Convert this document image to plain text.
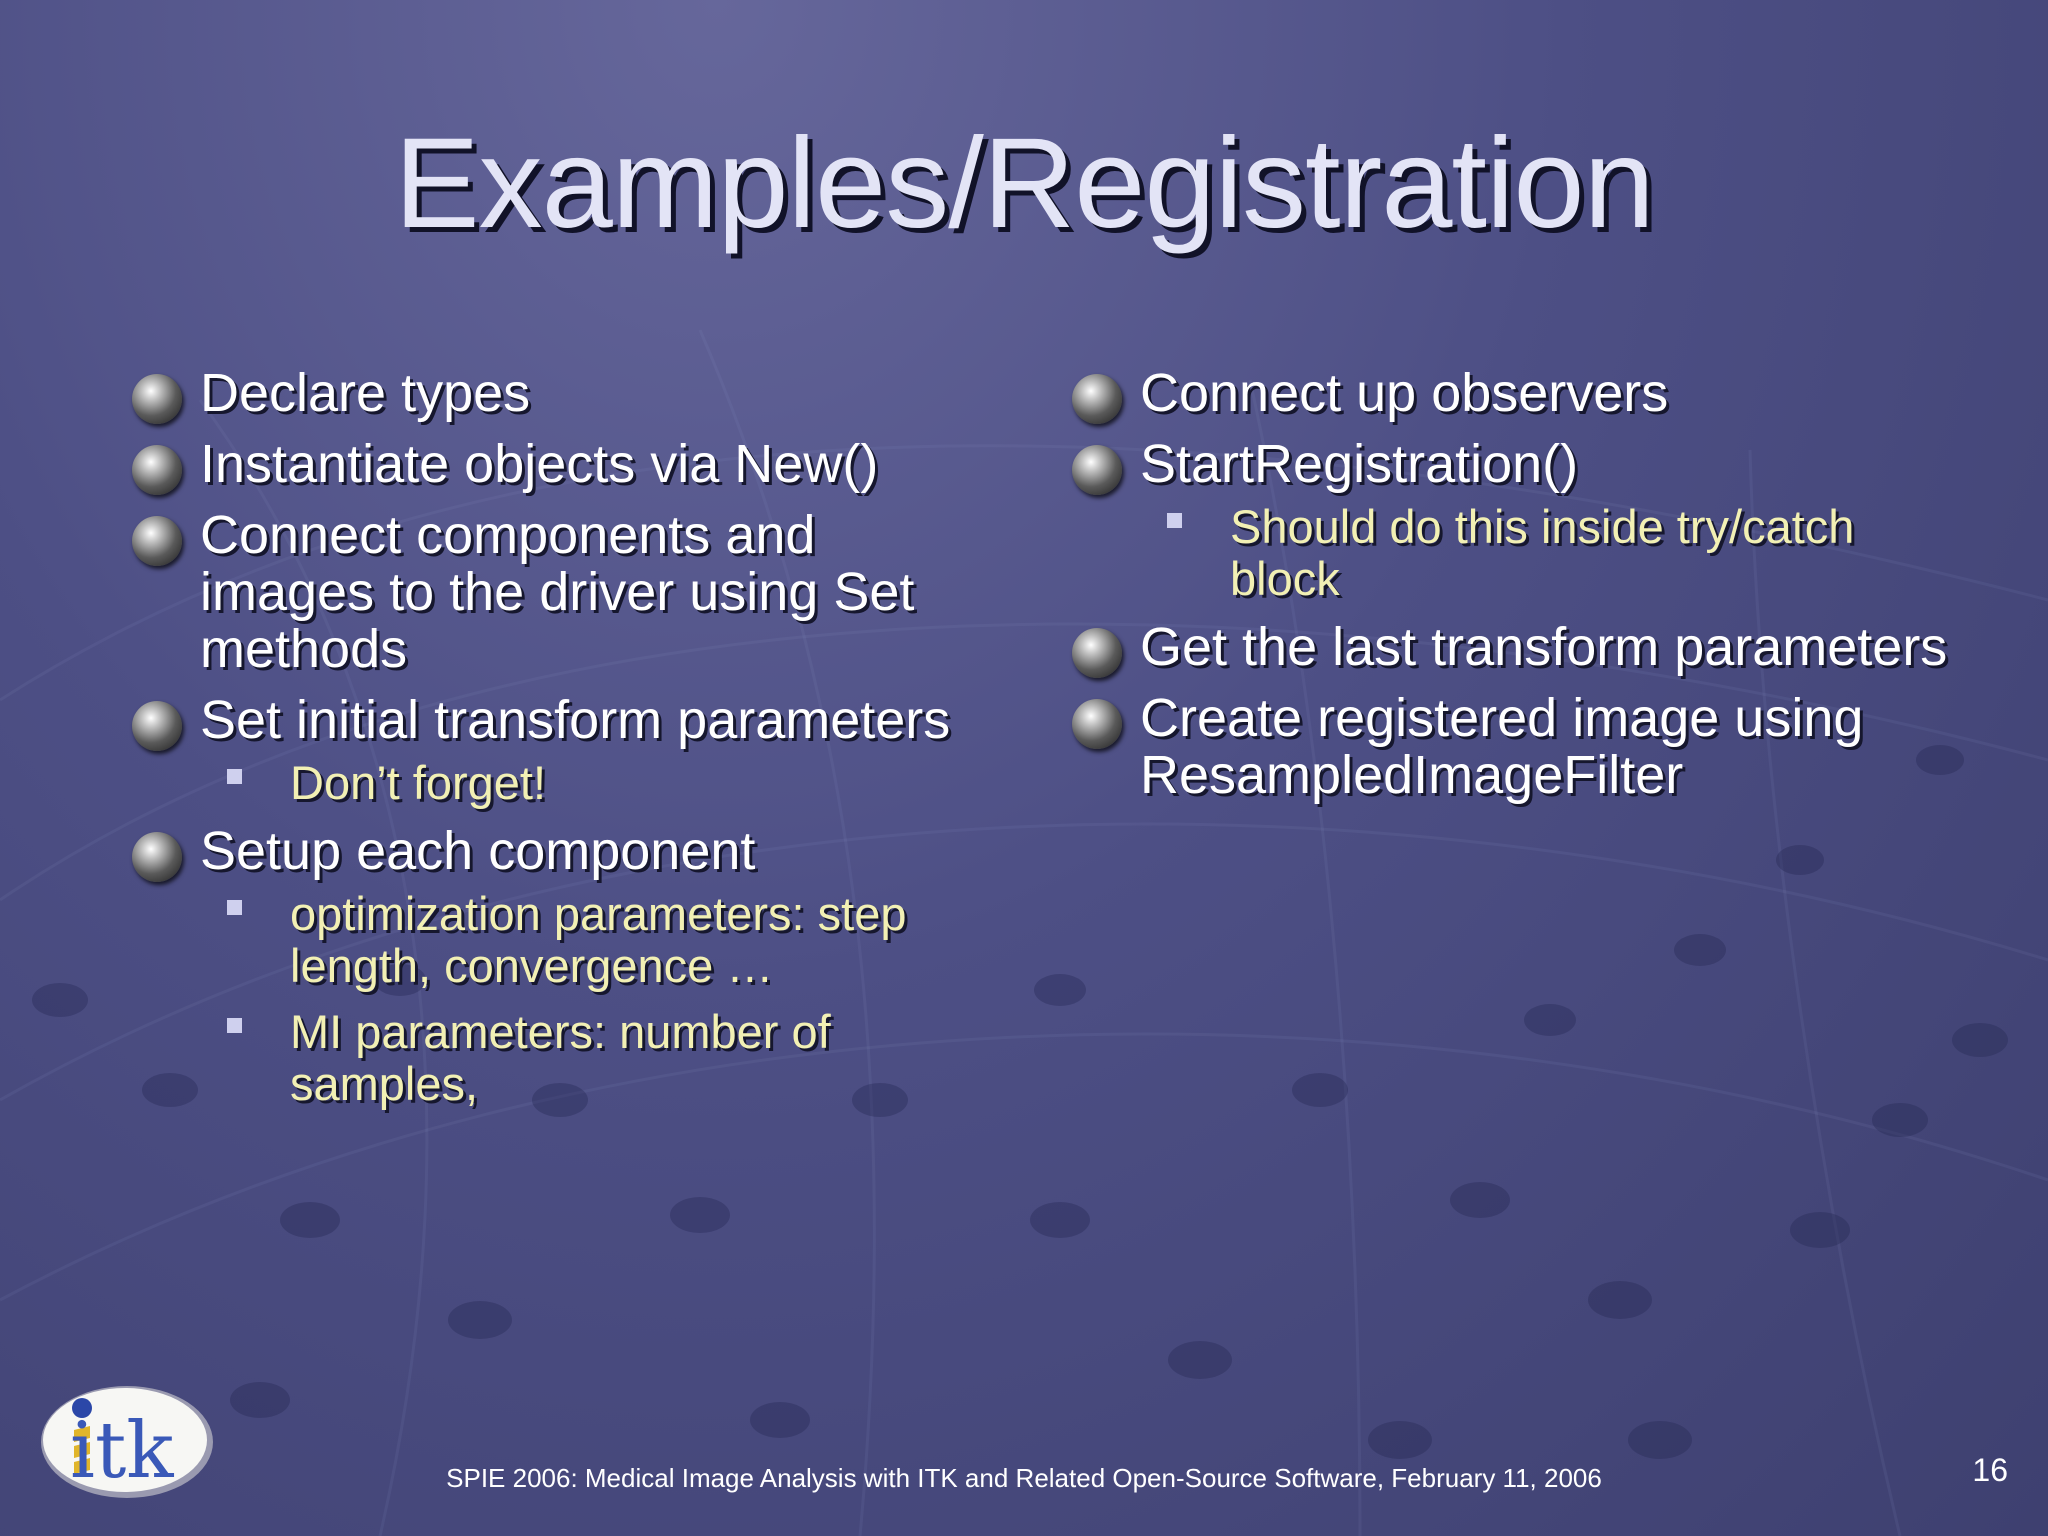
Examples/Registration
Declare types
Instantiate objects via New()
Connect components and images to the driver using Set methods
Set initial transform parameters
Don’t forget!
Setup each component
optimization parameters: step length, convergence …
MI parameters: number of samples,
Connect up observers
StartRegistration()
Should do this inside try/catch block
Get the last transform parameters
Create registered image using ResampledImageFilter
itk	SPIE 2006: Medical Image Analysis with ITK and Related Open-Source Software, February 11, 2006	16
